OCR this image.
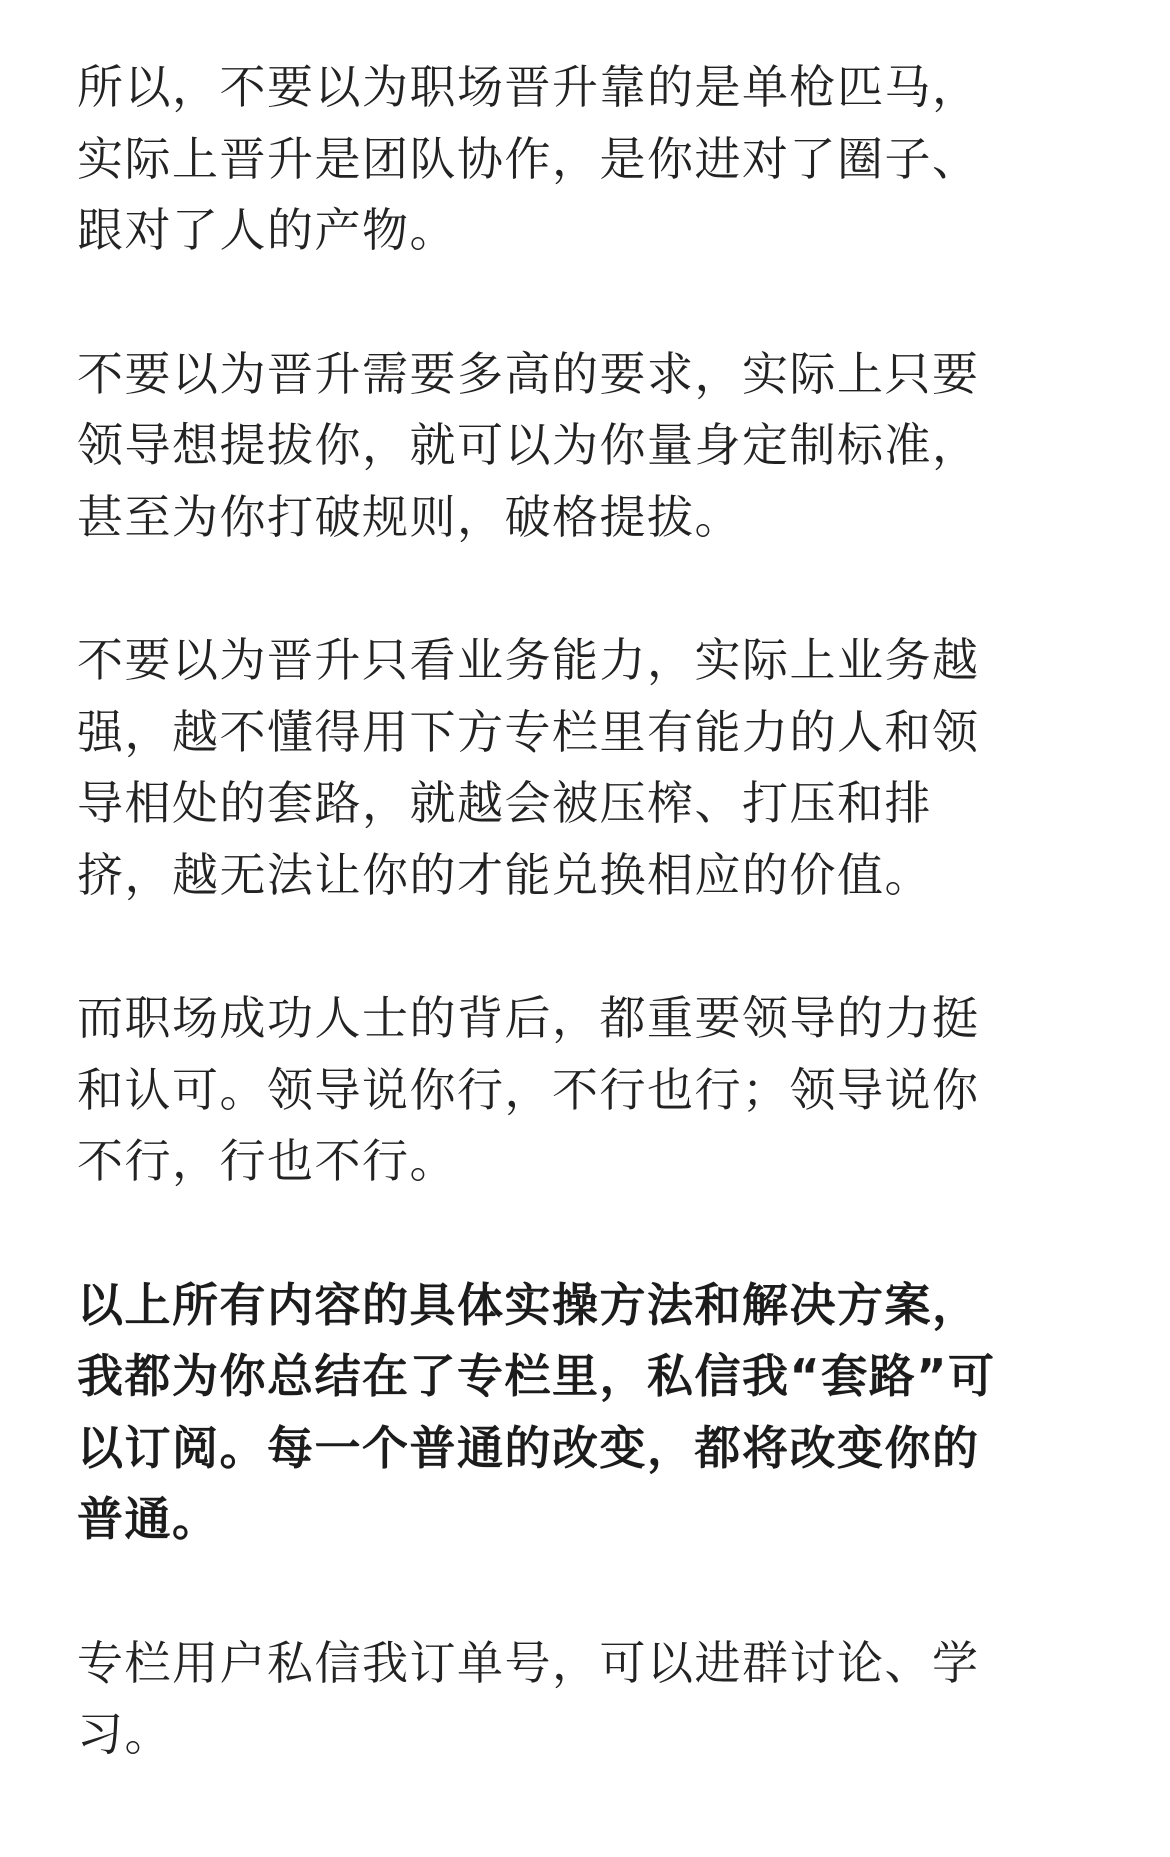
所以，不要以为职场晋升靠的是单枪匹马，
实际上晋升是团队协作，是你进对了圈子、
跟对了人的产物。

不要以为晋升需要多高的要求，实际上只要
领导想提拔你，就可以为你量身定制标准，
甚至为你打破规则，破格提拔。

不要以为晋升只看业务能力，实际上业务越
强，越不懂得用下方专栏里有能力的人和领
导相处的套路，就越会被压榨、打压和排
挤，越无法让你的才能兑换相应的价值。

而职场成功人士的背后，都重要领导的力挺
和认可。领导说你行，不行也行；领导说你
不行，行也不行。

以上所有内容的具体实操方法和解决方案，
我都为你总结在了专栏里，私信我“套路”可
以订阅。每一个普通的改变，都将改变你的
普通。

专栏用户私信我订单号，可以进群讨论、学
习。
